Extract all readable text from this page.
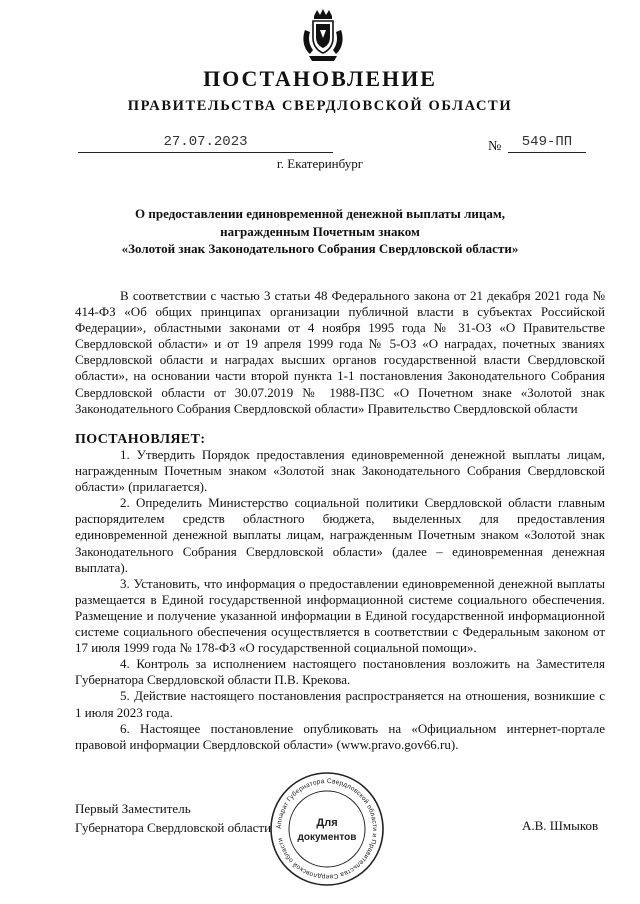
ПОСТАНОВЛЕНИЕ
ПРАВИТЕЛЬСТВА СВЕРДЛОВСКОЙ ОБЛАСТИ
27.07.2023	№	549-ПП
г. Екатеринбург
О предоставлении единовременной денежной выплаты лицам,
награжденным Почетным знаком
«Золотой знак Законодательного Собрания Свердловской области»

В соответствии с частью 3 статьи 48 Федерального закона от 21 декабря 2021 года № 414-ФЗ «Об общих принципах организации публичной власти в субъектах Российской Федерации», областными законами от 4 ноября 1995 года № 31-ОЗ «О Правительстве Свердловской области» и от 19 апреля 1999 года № 5-ОЗ «О наградах, почетных званиях Свердловской области и наградах высших органов государственной власти Свердловской области», на основании части второй пункта 1-1 постановления Законодательного Собрания Свердловской области от 30.07.2019 № 1988-ПЗС «О Почетном знаке «Золотой знак Законодательного Собрания Свердловской области» Правительство Свердловской области

ПОСТАНОВЛЯЕТ:

1. Утвердить Порядок предоставления единовременной денежной выплаты лицам, награжденным Почетным знаком «Золотой знак Законодательного Собрания Свердловской области» (прилагается).

2. Определить Министерство социальной политики Свердловской области главным распорядителем средств областного бюджета, выделенных для предоставления единовременной денежной выплаты лицам, награжденным Почетным знаком «Золотой знак Законодательного Собрания Свердловской области» (далее – единовременная денежная выплата).

3. Установить, что информация о предоставлении единовременной денежной выплаты размещается в Единой государственной информационной системе социального обеспечения. Размещение и получение указанной информации в Единой государственной информационной системе социального обеспечения осуществляется в соответствии с Федеральным законом от 17 июля 1999 года № 178-ФЗ «О государственной социальной помощи».

4. Контроль за исполнением настоящего постановления возложить на Заместителя Губернатора Свердловской области П.В. Крекова.

5. Действие настоящего постановления распространяется на отношения, возникшие с 1 июля 2023 года.

6. Настоящее постановление опубликовать на «Официальном интернет-портале правовой информации Свердловской области» (www.pravo.gov66.ru).

Первый Заместитель
Губернатора Свердловской области	А.В. Шмыков
Аппарат Губернатора Свердловской области и Правительства Свердловской области
Для
документов
